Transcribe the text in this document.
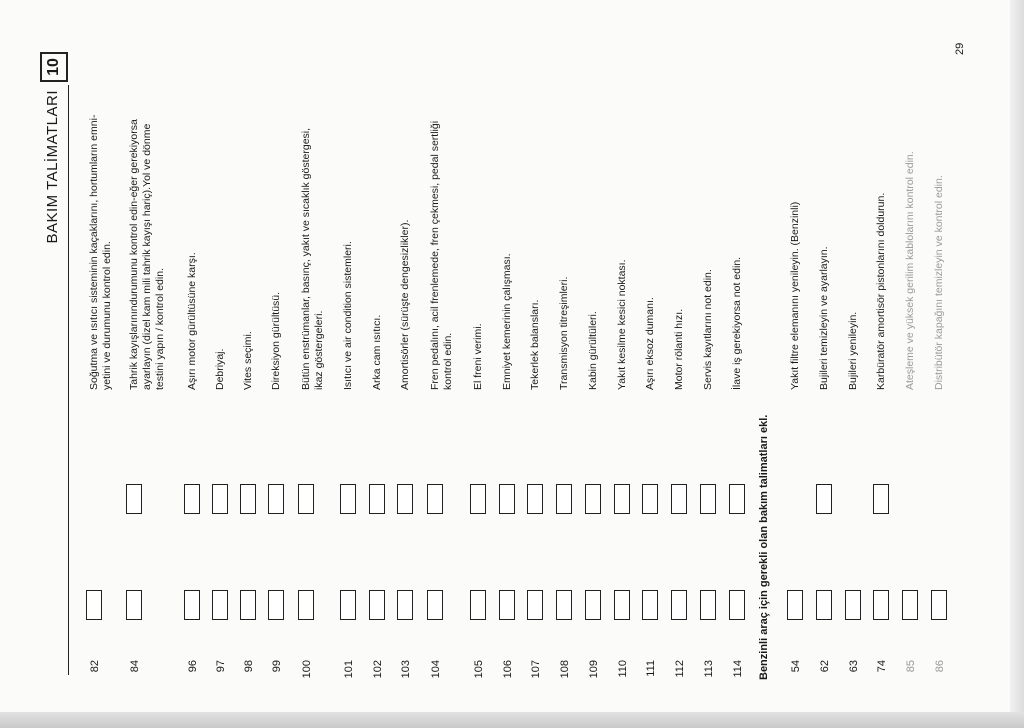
BAKIM TALİMATLARI
10
29
82
Soğutma ve ısıtıcı sisteminin kaçaklarını, hortumların emni-
yetini ve durumunu kontrol edin.
84
Tahrik kayışlarınındurumunu kontrol edin-eğer gerekiyorsa
ayarlayın (dizel kam mili tahrik kayışı hariç).Yol ve dönme
testini yapın / kontrol edin.
96
Aşırı motor gürültüsüne karşı.
97
Debriyaj.
98
Vites seçimi.
99
Direksiyon gürültüsü.
100
Bütün enstrümanlar, basınç, yakıt ve sıcaklık göstergesi,
ikaz göstergeleri.
101
Isıtıcı ve air condition sistemleri.
102
Arka cam ısıtıcı.
103
Amortisörler (sürüşte dengesizlikler).
104
Fren pedalını, acil frenlemede, fren çekmesi, pedal sertliği
kontrol edin.
105
El freni verimi.
106
Emniyet kemerinin çalışması.
107
Tekerlek balansları.
108
Transmisyon titreşimleri.
109
Kabin gürültüleri.
110
Yakıt kesilme kesici noktası.
111
Aşırı eksoz dumanı.
112
Motor rölanti hızı.
113
Servis kayıtlarını not edin.
114
İlave iş gerekiyorsa not edin.
Benzinli araç için gerekli olan bakım talimatları ekl. 54
Yakıt filtre elemanını yenileyin. (Benzinli)
62
Bujileri temizleyin ve ayarlayın.
63
Bujileri yenileyin.
74
Karbüratör amortisör pistonlarını doldurun.
85
Ateşleme ve yüksek gerilim kablolarını kontrol edin.
86
Distribütör kapağını temizleyin ve kontrol edin.
